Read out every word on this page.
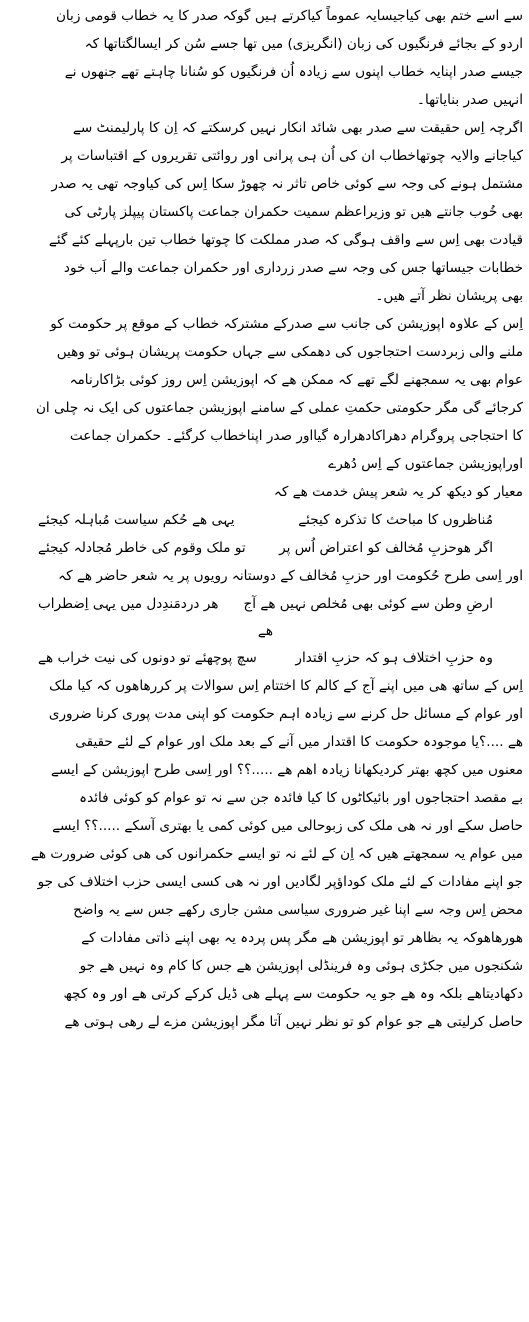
سے اسے ختم بھی کیاجیسایہ عموماً کیاکرتے ہیں گوکہ صدر کا یہ خطاب قومی زبان
اردو کے بجائے فرنگیوں کی زبان (انگریزی) میں تھا جسے سُن کر ایسالگتاتھا کہ
جیسے صدر اپنایہ خطاب اپنوں سے زیادہ اُن فرنگیوں کو سُنانا چاہتے تھے جنھوں نے
انہیں صدر بنایاتھا۔
اگرچہ اِس حقیقت سے صدر بھی شائد انکار نہیں کرسکتے کہ اِن کا پارلیمنٹ سے
کیاجانے والایہ چوتھاخطاب ان کی اُن ہی پرانی اور روائتی تقریروں کے اقتباسات پر
مشتمل ہونے کی وجہ سے کوئی خاص تاثر نہ چھوڑ سکا اِس کی کیاوجہ تھی یہ صدر
بھی خُوب جانتے ھیں تو وزیراعظم سمیت حکمران جماعت پاکستان پیپلز پارٹی کی
قیادت بھی اِس سے واقف ہوگی کہ صدر مملکت کا چوتھا خطاب تین بارپہلے کئے گئے
خطابات جیساتھا جس کی وجہ سے صدر زرداری اور حکمران جماعت والے اَب خود
بھی پریشان نظر آتے ھیں۔
اِس کے علاوہ اپوزیشن کی جانب سے صدرکے مشترکہ خطاب کے موقع پر حکومت کو
ملنے والی زبردست احتجاجوں کی دھمکی سے جہاں حکومت پریشان ہوئی تو وھیں
عوام بھی یہ سمجھنے لگے تھے کہ ممکن ھے کہ اپوزیشن اِس روز کوئی بڑاکارنامہ
کرجائے گی مگر حکومتی حکمتِ عملی کے سامنے اپوزیشن جماعتوں کی ایک نہ چلی ان
کا احتجاجی پروگرام دھراکادھرارہ گیااور صدر اپناخطاب کرگئے۔ حکمران جماعت
اوراپوزیشن جماعتوں کے اِس دُھرے
معیار کو دیکھ کر یہ شعر پیش خدمت ھے کہ
مُناظروں کا مباحث کا تذکرہ کیجئے
یہی ھے حُکم سیاست مُباہلہ کیجئے
اگر ھوحزبِ مُخالف کو اعتراض اُس پر
تو ملک وقوم کی خاطر مُجادلہ کیجئے
اور اِسی طرح حُکومت اور حزبِ مُخالف کے دوستانہ رویوں پر یہ شعر حاضر ھے کہ
ارضِ وطن سے کوئی بھی مُخلص نہیں ھے آج
ھر دردمَندِدل میں یہی اِضطراب
ھے
وہ حزبِ اختلاف ہو کہ حزبِ اقتدار
سچ پوچھئے تو دونوں کی نیت خراب ھے
اِس کے ساتھ ھی میں اپنے آج کے کالم کا اختتام اِس سوالات پر کررھاھوں کہ کیا ملک
اور عوام کے مسائل حل کرنے سے زیادہ اہم حکومت کو اپنی مدت پوری کرنا ضروری
ھے ....؟یا موجودہ حکومت کا اقتدار میں آنے کے بعد ملک اور عوام کے لئے حقیقی
معنوں میں کچھ بھتر کردیکھانا زیادہ اھم ھے .....؟؟ اور اِسی طرح اپوزیشن کے ایسے
بے مقصد احتجاجوں اور بائیکاٹوں کا کیا فائدہ جن سے نہ تو عوام کو کوئی فائدہ
حاصل سکے اور نہ ھی ملک کی زبوحالی میں کوئی کمی یا بھتری آسکے .....؟؟ ایسے
میں عوام یہ سمجھتے ھیں کہ اِن کے لئے نہ تو ایسے حکمرانوں کی ھی کوئی ضرورت ھے
جو اپنے مفادات کے لئے ملک کوداؤپر لگادیں اور نہ ھی کسی ایسی حزب اختلاف کی جو
محض اِس وجہ سے اپنا غیر ضروری سیاسی مشن جاری رکھے جس سے یہ واضح
ھورھاھوکہ یہ بظاھر تو اپوزیشن ھے مگر پس پردہ یہ بھی اپنے ذاتی مفادات کے
شکنجوں میں جکڑی ہوئی وہ فرینڈلی اپوزیشن ھے جس کا کام وہ نہیں ھے جو
دکھادیتاھے بلکہ وہ ھے جو یہ حکومت سے پہلے ھی ڈیل کرکے کرتی ھے اور وہ کچھ
حاصل کرلیتی ھے جو عوام کو تو نظر نہیں آتا مگر اپوزیشن مزے لے رھی ہوتی ھے
